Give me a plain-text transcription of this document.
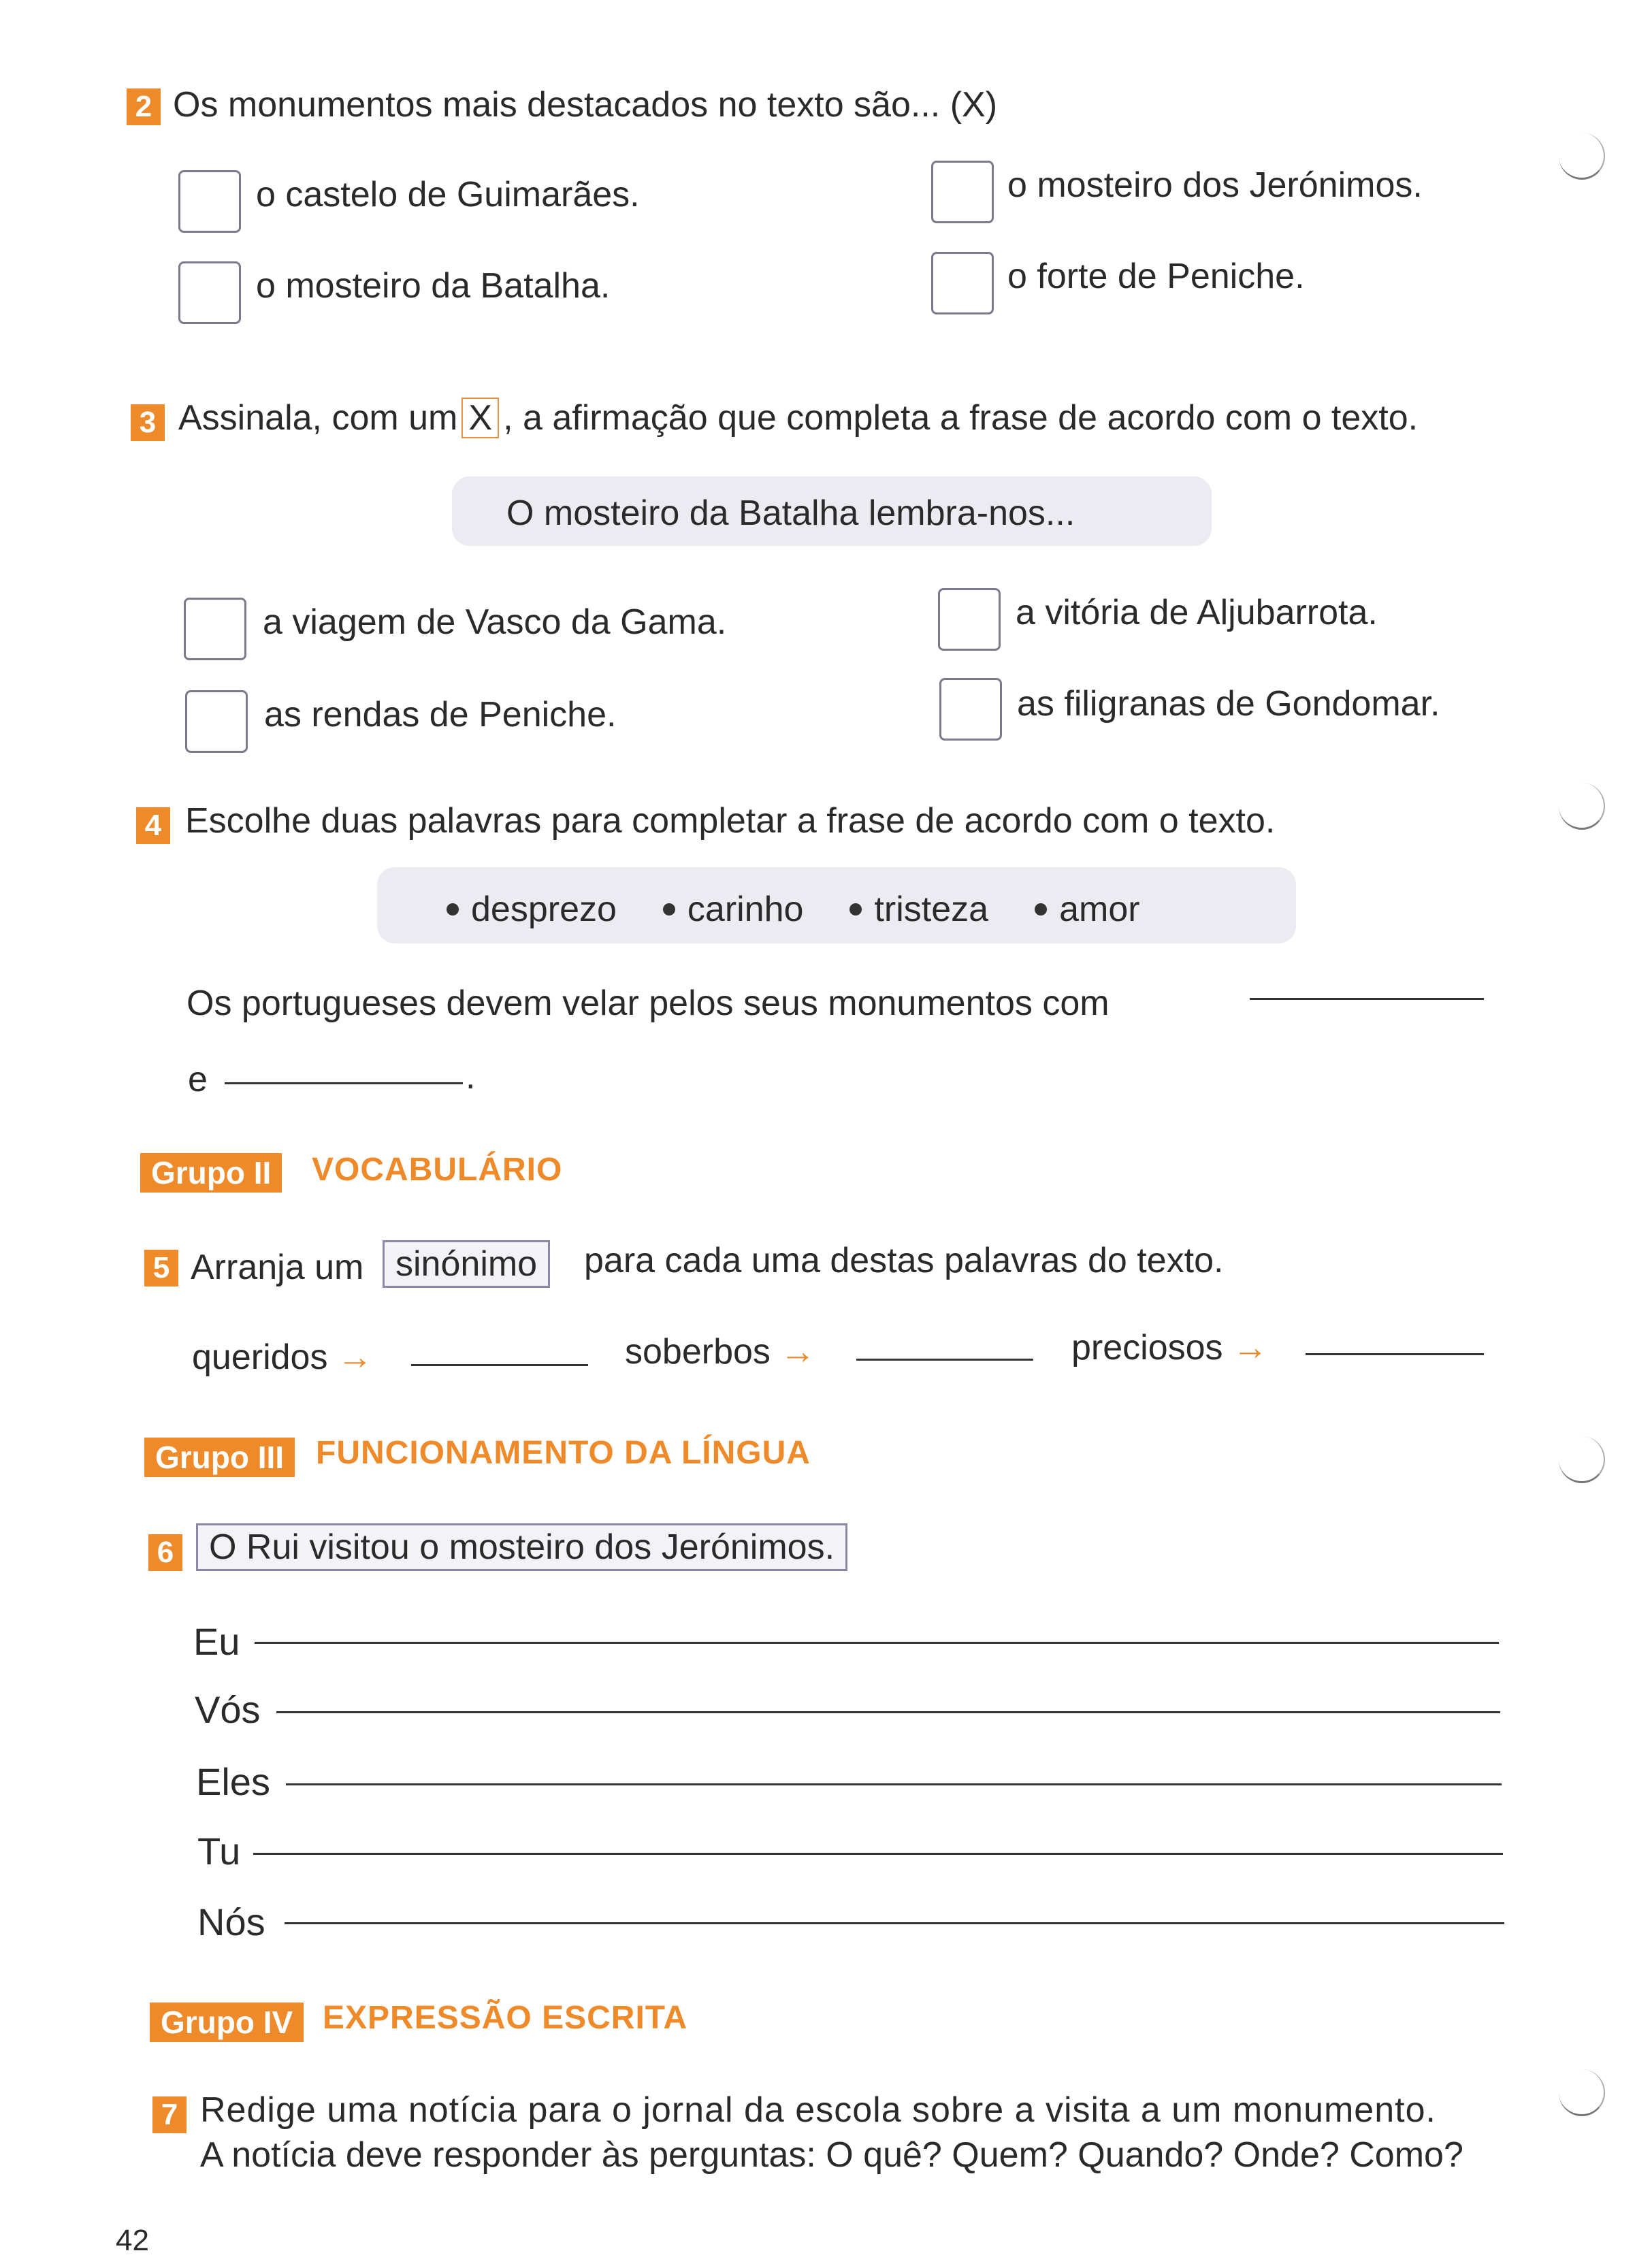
2 Os monumentos mais destacados no texto são... (X)
o castelo de Guimarães.	o mosteiro dos Jerónimos.
o mosteiro da Batalha.	o forte de Peniche.
3 Assinala, com um X , a afirmação que completa a frase de acordo com o texto.
O mosteiro da Batalha lembra-nos...
a viagem de Vasco da Gama.	a vitória de Aljubarrota.
as rendas de Peniche.	as filigranas de Gondomar.
4 Escolhe duas palavras para completar a frase de acordo com o texto.
desprezo carinho tristeza amor
Os portugueses devem velar pelos seus monumentos com
e	.
Grupo II	VOCABULÁRIO
5 Arranja um sinónimo	para cada uma destas palavras do texto.
queridos →	soberbos →	preciosos →
Grupo III FUNCIONAMENTO DA LÍNGUA
6 O Rui visitou o mosteiro dos Jerónimos.
Eu
Vós
Eles
Tu
Nós
Grupo IV EXPRESSÃO ESCRITA
7 Redige uma notícia para o jornal da escola sobre a visita a um monumento.
A notícia deve responder às perguntas: O quê? Quem? Quando? Onde? Como?
42
